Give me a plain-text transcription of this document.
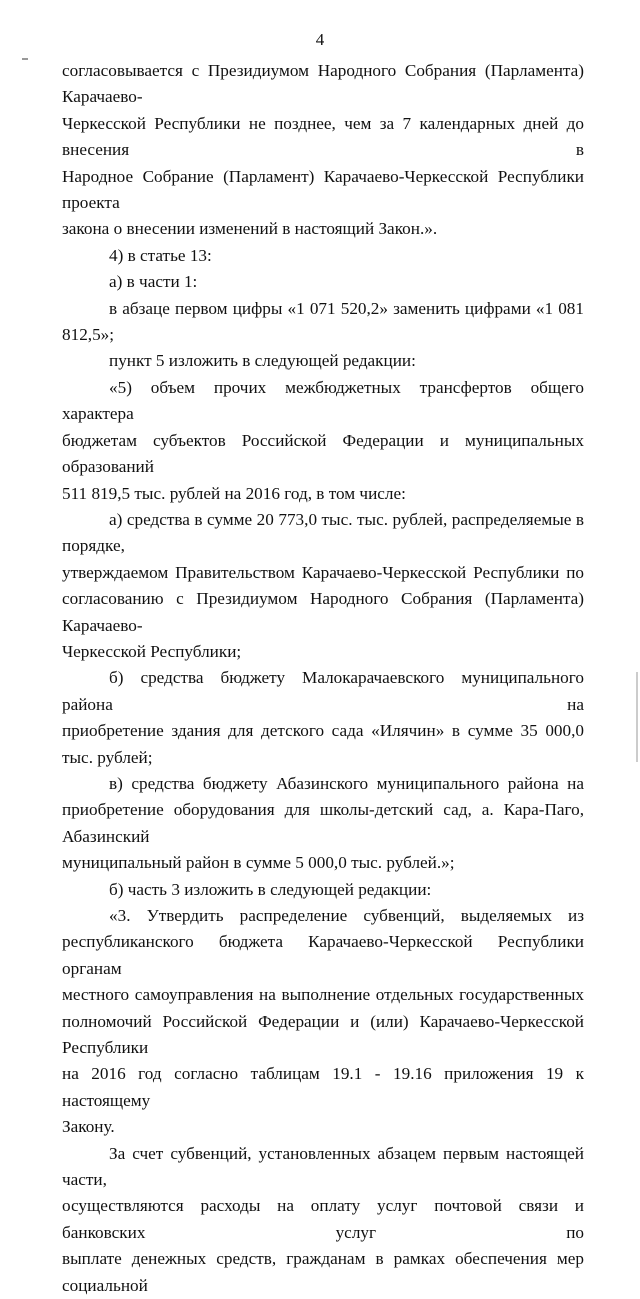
4

согласовывается с Президиумом Народного Собрания (Парламента) Карачаево-

Черкесской Республики не позднее, чем за 7 календарных дней до внесения в

Народное Собрание (Парламент) Карачаево-Черкесской Республики проекта

закона о внесении изменений в настоящий Закон.».

4) в статье 13:

а) в части 1:

в абзаце первом цифры «1 071 520,2» заменить цифрами «1 081 812,5»;

пункт 5 изложить в следующей редакции:

«5) объем прочих межбюджетных трансфертов общего характера

бюджетам субъектов Российской Федерации и муниципальных образований

511 819,5 тыс. рублей на 2016 год, в том числе:

а) средства в сумме 20 773,0 тыс. тыс. рублей, распределяемые в порядке,

утверждаемом Правительством Карачаево-Черкесской Республики по

согласованию с Президиумом Народного Собрания (Парламента) Карачаево-

Черкесской Республики;

б) средства бюджету Малокарачаевского муниципального района на

приобретение здания для детского сада «Илячин» в сумме 35 000,0 тыс. рублей;

в) средства бюджету Абазинского муниципального района на

приобретение оборудования для школы-детский сад, а. Кара-Паго, Абазинский

муниципальный район в сумме 5 000,0 тыс. рублей.»;

б) часть 3 изложить в следующей редакции:

«3. Утвердить распределение субвенций, выделяемых из

республиканского бюджета Карачаево-Черкесской Республики органам

местного самоуправления на выполнение отдельных государственных

полномочий Российской Федерации и (или) Карачаево-Черкесской Республики

на 2016 год согласно таблицам 19.1 - 19.16 приложения 19 к настоящему

Закону.

За счет субвенций, установленных абзацем первым настоящей части,

осуществляются расходы на оплату услуг почтовой связи и банковских услуг по

выплате денежных средств, гражданам в рамках обеспечения мер социальной
